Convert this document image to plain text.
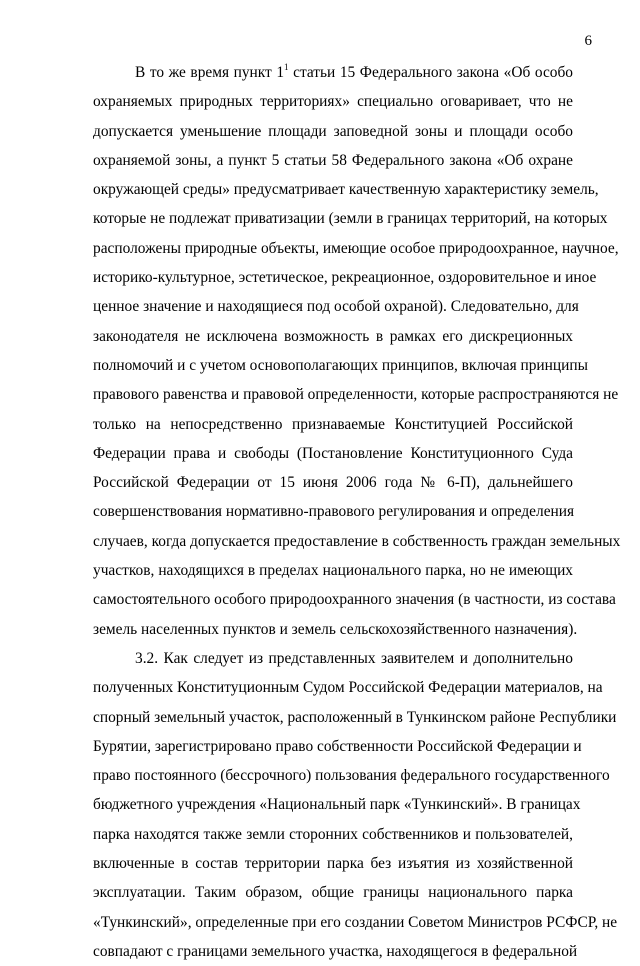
6
В то же время пункт $1^1$ статьи 15 Федерального закона «Об особо
охраняемых природных территориях» специально оговаривает, что не
допускается уменьшение площади заповедной зоны и площади особо
охраняемой зоны, а пункт 5 статьи 58 Федерального закона «Об охране
окружающей среды» предусматривает качественную характеристику земель,
которые не подлежат приватизации (земли в границах территорий, на которых
расположены природные объекты, имеющие особое природоохранное, научное,
историко-культурное, эстетическое, рекреационное, оздоровительное и иное
ценное значение и находящиеся под особой охраной). Следовательно, для
законодателя не исключена возможность в рамках его дискреционных
полномочий и с учетом основополагающих принципов, включая принципы
правового равенства и правовой определенности, которые распространяются не
только на непосредственно признаваемые Конституцией Российской
Федерации права и свободы (Постановление Конституционного Суда
Российской Федерации от 15 июня 2006 года № 6-П), дальнейшего
совершенствования нормативно-правового регулирования и определения
случаев, когда допускается предоставление в собственность граждан земельных
участков, находящихся в пределах национального парка, но не имеющих
самостоятельного особого природоохранного значения (в частности, из состава
земель населенных пунктов и земель сельскохозяйственного назначения).
3.2. Как следует из представленных заявителем и дополнительно
полученных Конституционным Судом Российской Федерации материалов, на
спорный земельный участок, расположенный в Тункинском районе Республики
Бурятии, зарегистрировано право собственности Российской Федерации и
право постоянного (бессрочного) пользования федерального государственного
бюджетного учреждения «Национальный парк «Тункинский». В границах
парка находятся также земли сторонних собственников и пользователей,
включенные в состав территории парка без изъятия из хозяйственной
эксплуатации. Таким образом, общие границы национального парка
«Тункинский», определенные при его создании Советом Министров РСФСР, не
совпадают с границами земельного участка, находящегося в федеральной
